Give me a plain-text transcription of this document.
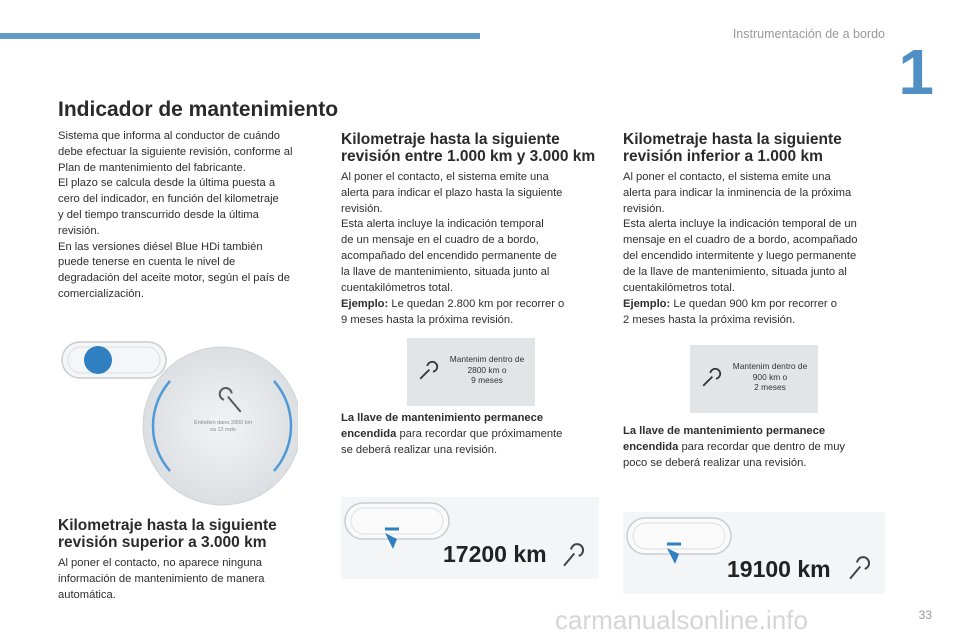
Instrumentación de a bordo
1
Indicador de mantenimiento

Sistema que informa al conductor de cuándo
debe efectuar la siguiente revisión, conforme al
Plan de mantenimiento del fabricante.
El plazo se calcula desde la última puesta a
cero del indicador, en función del kilometraje
y del tiempo transcurrido desde la última
revisión.
En las versiones diésel Blue HDi también
puede tenerse en cuenta le nivel de
degradación del aceite motor, según el país de
comercialización.

Entrellen dano 2800 km
xa 12 mdo
Kilometraje hasta la siguiente
revisión superior a 3.000 km

Al poner el contacto, no aparece ninguna
información de mantenimiento de manera
automática.

Kilometraje hasta la siguiente
revisión entre 1.000 km y 3.000 km

Al poner el contacto, el sistema emite una
alerta para indicar el plazo hasta la siguiente
revisión.
Esta alerta incluye la indicación temporal
de un mensaje en el cuadro de a bordo,
acompañado del encendido permanente de
la llave de mantenimiento, situada junto al
cuentakilómetros total.

Ejemplo: Le quedan 2.800 km por recorrer o
9 meses hasta la próxima revisión.

Mantenim dentro de
2800 km o
9 meses

La llave de mantenimiento permanece
encendida para recordar que próximamente
se deberá realizar una revisión.

17200 km
Kilometraje hasta la siguiente
revisión inferior a 1.000 km

Al poner el contacto, el sistema emite una
alerta para indicar la inminencia de la próxima
revisión.
Esta alerta incluye la indicación temporal de un
mensaje en el cuadro de a bordo, acompañado
del encendido intermitente y luego permanente
de la llave de mantenimiento, situada junto al
cuentakilómetros total.

Ejemplo: Le quedan 900 km por recorrer o
2 meses hasta la próxima revisión.

Mantenim dentro de
900 km o
2 meses

La llave de mantenimiento permanece
encendida para recordar que dentro de muy
poco se deberá realizar una revisión.

19100 km
33
carmanualsonline.info
